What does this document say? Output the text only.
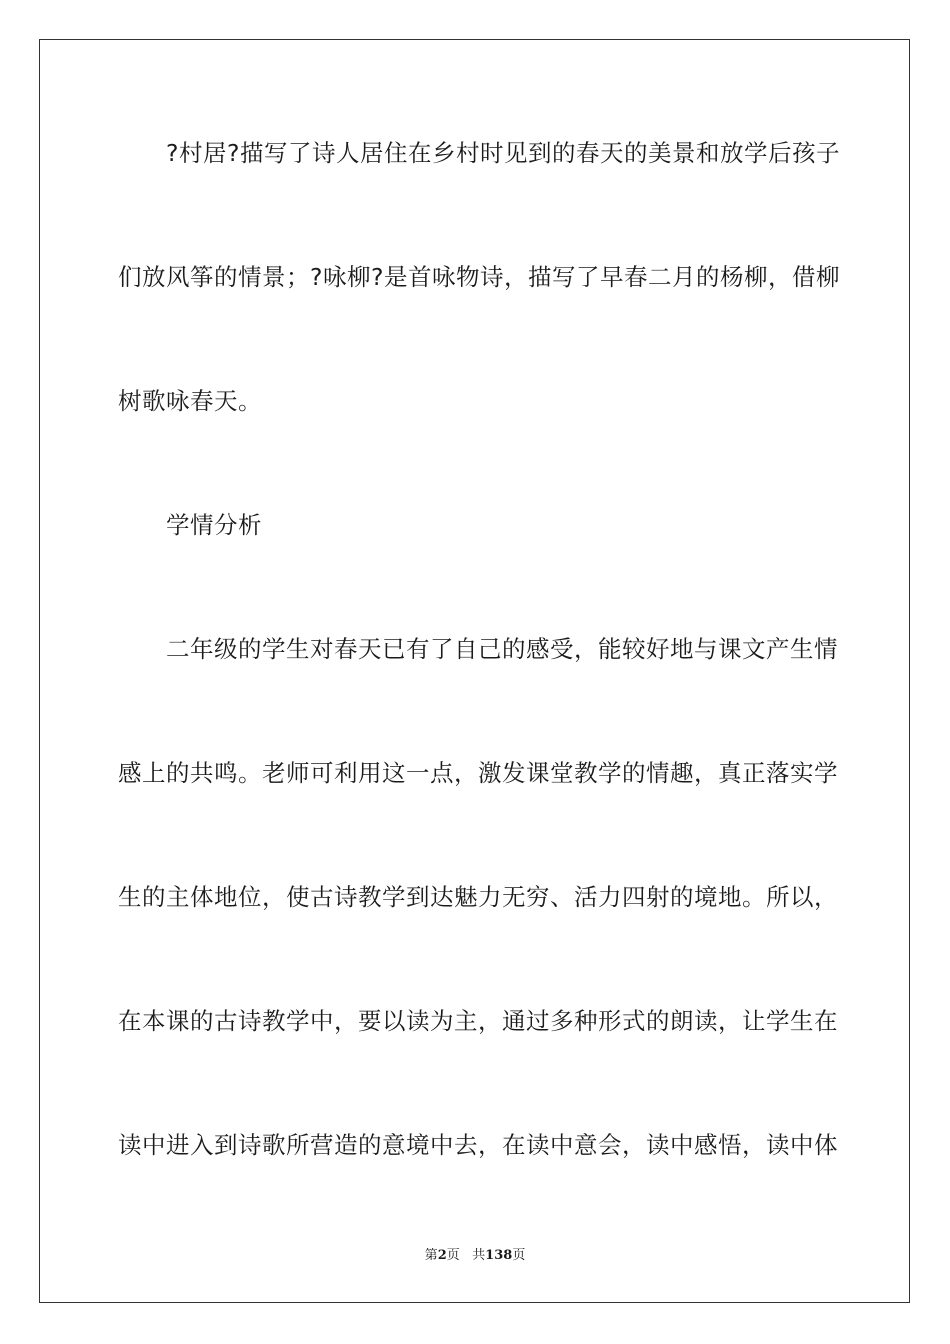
?村居?描写了诗人居住在乡村时见到的春天的美景和放学后孩子
们放风筝的情景；?咏柳?是首咏物诗，描写了早春二月的杨柳，借柳
树歌咏春天。
学情分析
二年级的学生对春天已有了自己的感受，能较好地与课文产生情
感上的共鸣。老师可利用这一点，激发课堂教学的情趣，真正落实学
生的主体地位，使古诗教学到达魅力无穷、活力四射的境地。所以，
在本课的古诗教学中，要以读为主，通过多种形式的朗读，让学生在
读中进入到诗歌所营造的意境中去，在读中意会，读中感悟，读中体
第2页 共138页
